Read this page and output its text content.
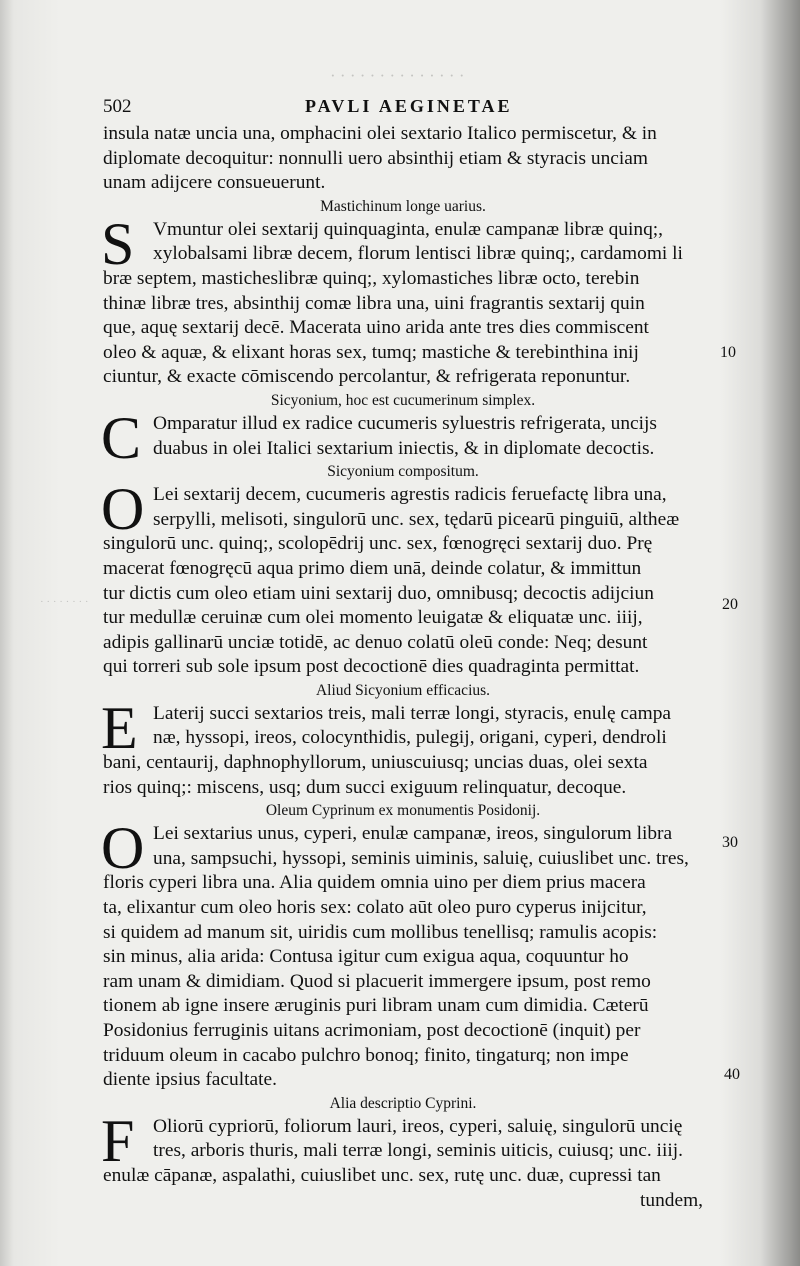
· · · · · · · · · · · · · ·
· · · · · · · ·
502	PAVLI AEGINETAE
insula natæ uncia una, omphacini olei sextario Italico permiscetur, & in
diplomate decoquitur: nonnulli uero absinthij etiam & styracis unciam
unam adijcere consueuerunt.
Mastichinum longe uarius.
S Vmuntur olei sextarij quinquaginta, enulæ campanæ libræ quinq;,
xylobalsami libræ decem, florum lentisci libræ quinq;, cardamomi li
bræ septem, masticheslibræ quinq;, xylomastiches libræ octo, terebin
thinæ libræ tres, absinthij comæ libra una, uini fragrantis sextarij quin
que, aquę sextarij decē. Macerata uino arida ante tres dies commiscent
oleo & aquæ, & elixant horas sex, tumq; mastiche & terebinthina inij
ciuntur, & exacte cōmiscendo percolantur, & refrigerata reponuntur.
Sicyonium, hoc est cucumerinum simplex.
C Omparatur illud ex radice cucumeris syluestris refrigerata, uncijs
duabus in olei Italici sextarium iniectis, & in diplomate decoctis.
Sicyonium compositum.
O Lei sextarij decem, cucumeris agrestis radicis feruefactę libra una,
serpylli, melisoti, singulorū unc. sex, tędarū picearū pinguiū, altheæ
singulorū unc. quinq;, scolopēdrij unc. sex, fœnogręci sextarij duo. Prę
macerat fœnogręcū aqua primo diem unā, deinde colatur, & immittun
tur dictis cum oleo etiam uini sextarij duo, omnibusq; decoctis adijciun
tur medullæ ceruinæ cum olei momento leuigatæ & eliquatæ unc. iiij,
adipis gallinarū unciæ totidē, ac denuo colatū oleū conde: Neq; desunt
qui torreri sub sole ipsum post decoctionē dies quadraginta permittat.
Aliud Sicyonium efficacius.
E Laterij succi sextarios treis, mali terræ longi, styracis, enulę campa
næ, hyssopi, ireos, colocynthidis, pulegij, origani, cyperi, dendroli
bani, centaurij, daphnophyllorum, uniuscuiusq; uncias duas, olei sexta
rios quinq;: miscens, usq; dum succi exiguum relinquatur, decoque.
Oleum Cyprinum ex monumentis Posidonij.
O Lei sextarius unus, cyperi, enulæ campanæ, ireos, singulorum libra
una, sampsuchi, hyssopi, seminis uiminis, saluię, cuiuslibet unc. tres,
floris cyperi libra una. Alia quidem omnia uino per diem prius macera
ta, elixantur cum oleo horis sex: colato aūt oleo puro cyperus inijcitur,
si quidem ad manum sit, uiridis cum mollibus tenellisq; ramulis acopis:
sin minus, alia arida: Contusa igitur cum exigua aqua, coquuntur ho
ram unam & dimidiam. Quod si placuerit immergere ipsum, post remo
tionem ab igne insere æruginis puri libram unam cum dimidia. Cæterū
Posidonius ferruginis uitans acrimoniam, post decoctionē (inquit) per
triduum oleum in cacabo pulchro bonoq; finito, tingaturq; non impe
diente ipsius facultate.
Alia descriptio Cyprini.
F Oliorū cypriorū, foliorum lauri, ireos, cyperi, saluię, singulorū uncię
tres, arboris thuris, mali terræ longi, seminis uiticis, cuiusq; unc. iiij.
enulæ cāpanæ, aspalathi, cuiuslibet unc. sex, rutę unc. duæ, cupressi tan
tundem,
10
20
30
40
